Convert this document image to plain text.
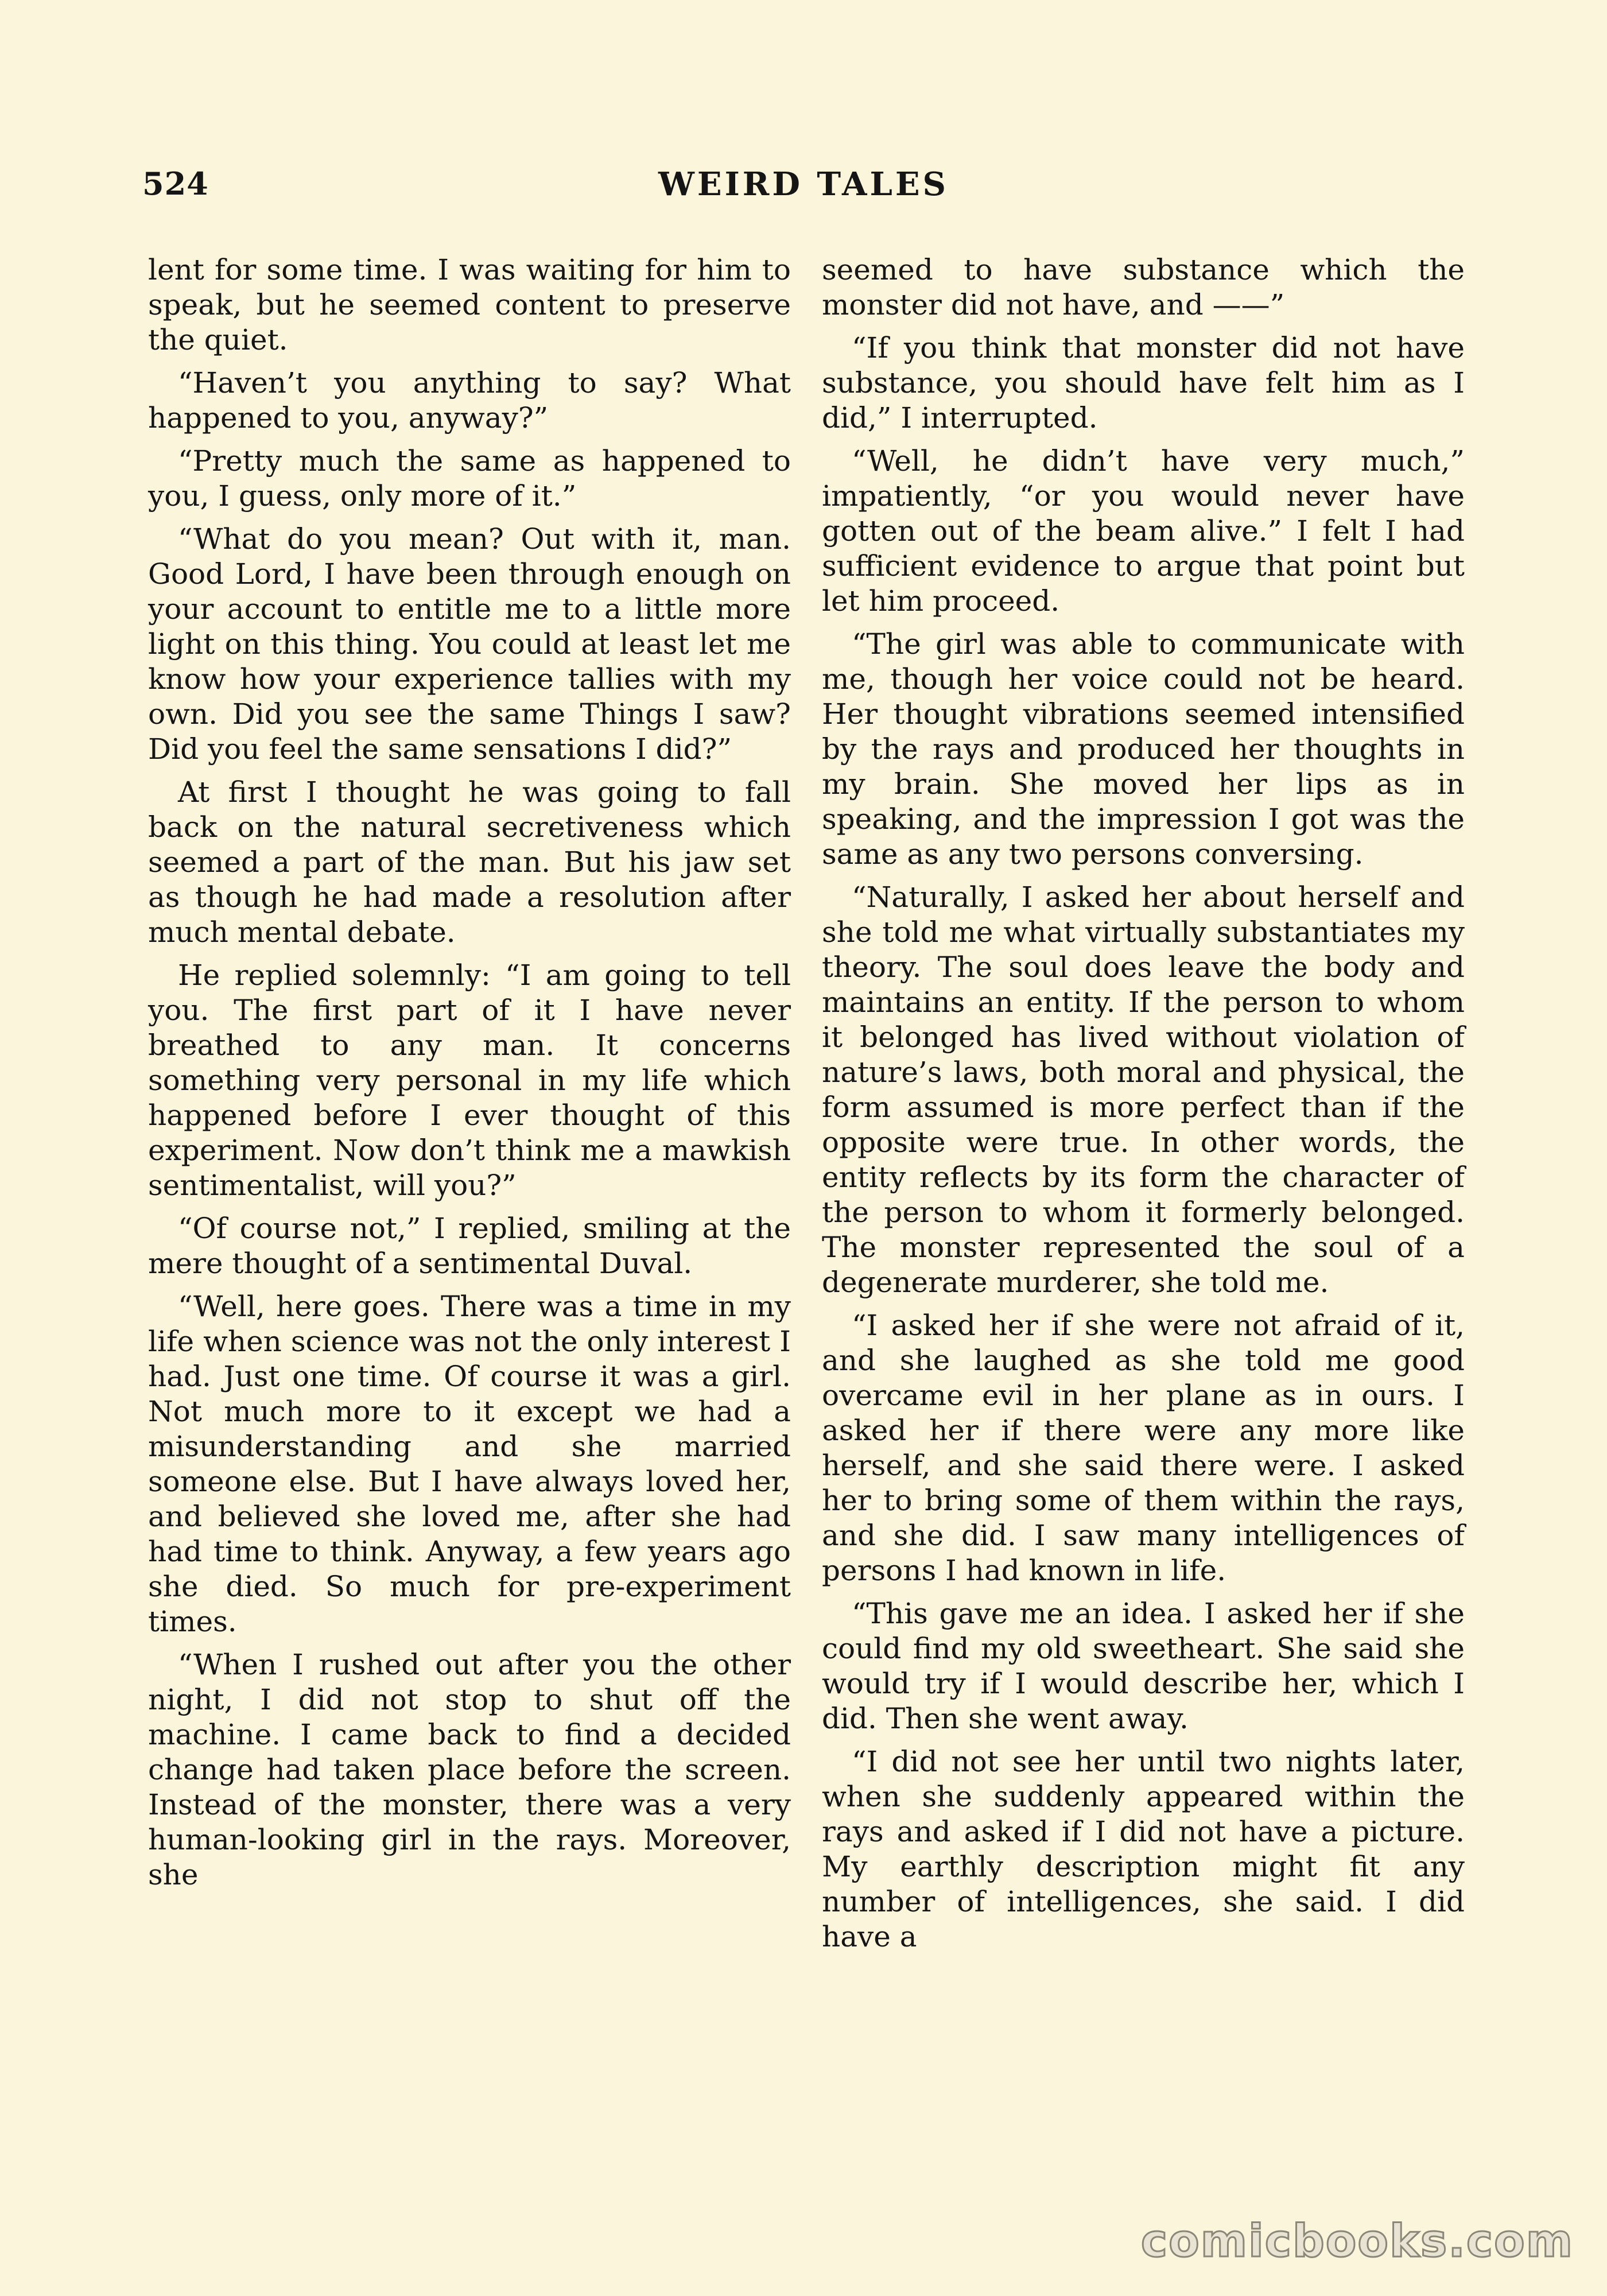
524	WEIRD TALES

lent for some time. I was waiting for him to speak, but he seemed content to preserve the quiet.

“Haven’t you anything to say? What happened to you, anyway?”

“Pretty much the same as happened to you, I guess, only more of it.”

“What do you mean? Out with it, man. Good Lord, I have been through enough on your account to entitle me to a little more light on this thing. You could at least let me know how your experience tallies with my own. Did you see the same Things I saw? Did you feel the same sensations I did?”

At first I thought he was going to fall back on the natural secretiveness which seemed a part of the man. But his jaw set as though he had made a resolution after much mental debate.

He replied solemnly: “I am going to tell you. The first part of it I have never breathed to any man. It concerns something very personal in my life which happened before I ever thought of this experiment. Now don’t think me a mawkish sentimentalist, will you?”

“Of course not,” I replied, smiling at the mere thought of a sentimental Duval.

“Well, here goes. There was a time in my life when science was not the only interest I had. Just one time. Of course it was a girl. Not much more to it except we had a misunderstanding and she married someone else. But I have always loved her, and believed she loved me, after she had had time to think. Anyway, a few years ago she died. So much for pre-experiment times.

“When I rushed out after you the other night, I did not stop to shut off the machine. I came back to find a decided change had taken place before the screen. Instead of the monster, there was a very human-looking girl in the rays. Moreover, she

seemed to have substance which the monster did not have, and ——”

“If you think that monster did not have substance, you should have felt him as I did,” I interrupted.

“Well, he didn’t have very much,” impatiently, “or you would never have gotten out of the beam alive.” I felt I had sufficient evidence to argue that point but let him proceed.

“The girl was able to communicate with me, though her voice could not be heard. Her thought vibrations seemed intensified by the rays and produced her thoughts in my brain. She moved her lips as in speaking, and the impression I got was the same as any two persons conversing.

“Naturally, I asked her about herself and she told me what virtually substantiates my theory. The soul does leave the body and maintains an entity. If the person to whom it belonged has lived without violation of nature’s laws, both moral and physical, the form assumed is more perfect than if the opposite were true. In other words, the entity reflects by its form the character of the person to whom it formerly belonged. The monster represented the soul of a degenerate murderer, she told me.

“I asked her if she were not afraid of it, and she laughed as she told me good overcame evil in her plane as in ours. I asked her if there were any more like herself, and she said there were. I asked her to bring some of them within the rays, and she did. I saw many intelligences of persons I had known in life.

“This gave me an idea. I asked her if she could find my old sweetheart. She said she would try if I would describe her, which I did. Then she went away.

“I did not see her until two nights later, when she suddenly appeared within the rays and asked if I did not have a picture. My earthly description might fit any number of intelligences, she said. I did have a

comicbooks.com
